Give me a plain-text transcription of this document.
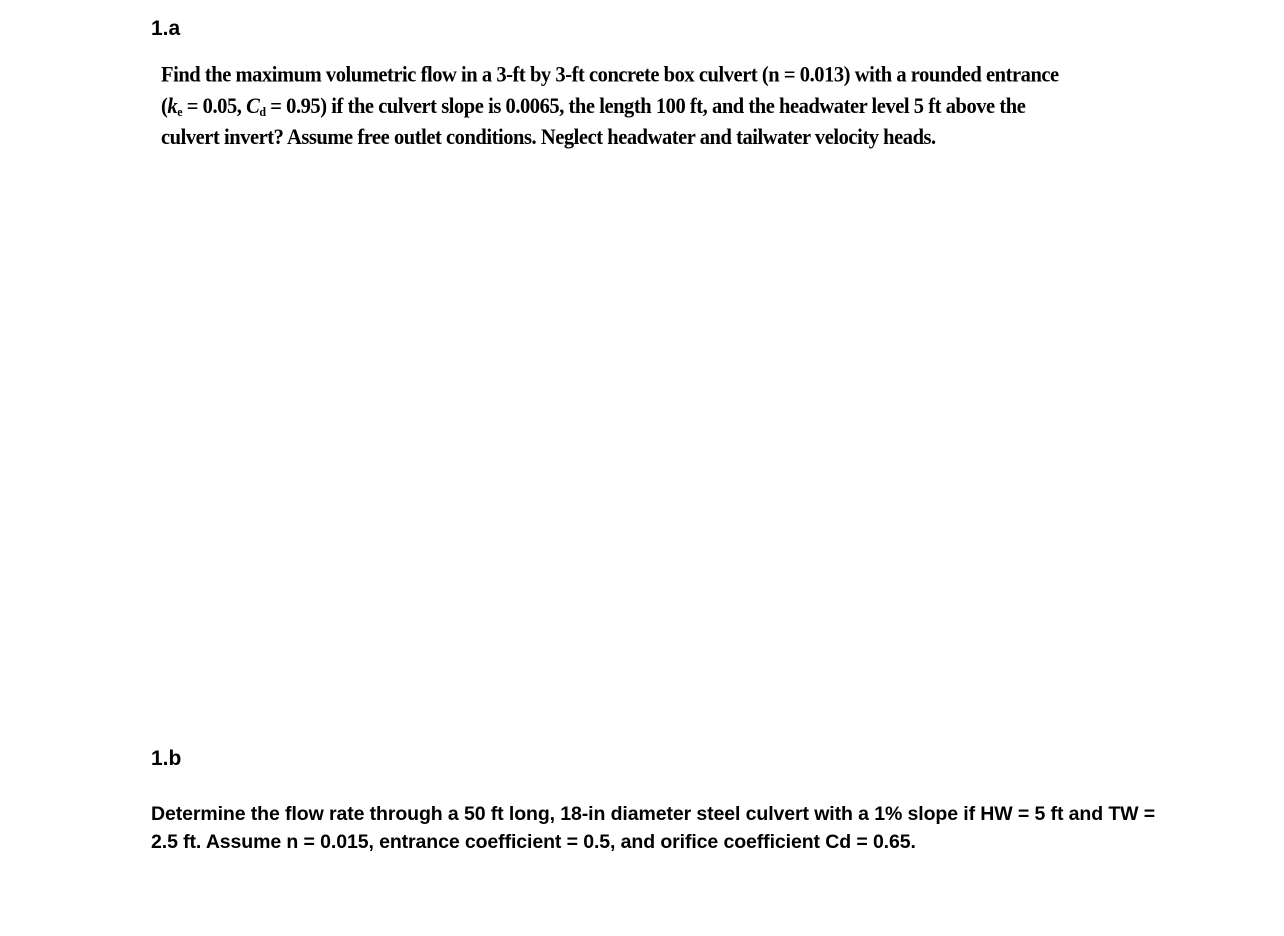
1.a
Find the maximum volumetric flow in a 3-ft by 3-ft concrete box culvert (n = 0.013) with a rounded entrance
($k_e = 0.05$, $C_d = 0.95$) if the culvert slope is 0.0065, the length 100 ft, and the headwater level 5 ft above the
culvert invert? Assume free outlet conditions. Neglect headwater and tailwater velocity heads.
1.b
Determine the flow rate through a 50 ft long, 18-in diameter steel culvert with a 1% slope if HW = 5 ft and TW =
2.5 ft. Assume n = 0.015, entrance coefficient = 0.5, and orifice coefficient Cd = 0.65.
